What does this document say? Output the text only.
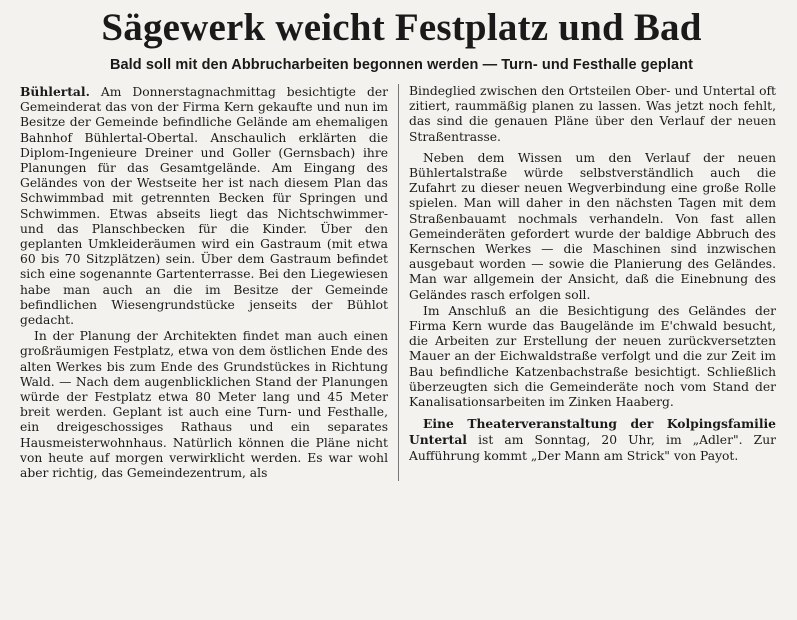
Sägewerk weicht Festplatz und Bad
Bald soll mit den Abbrucharbeiten begonnen werden — Turn- und Festhalle geplant

Bühlertal. Am Donnerstagnachmittag besichtigte der Gemeinderat das von der Firma Kern gekaufte und nun im Besitze der Gemeinde befindliche Gelände am ehemaligen Bahnhof Bühlertal-Obertal. Anschaulich erklärten die Diplom-Ingenieure Dreiner und Goller (Gernsbach) ihre Planungen für das Gesamtgelände. Am Eingang des Geländes von der Westseite her ist nach diesem Plan das Schwimmbad mit getrennten Becken für Springen und Schwimmen. Etwas abseits liegt das Nichtschwimmer- und das Planschbecken für die Kinder. Über den geplanten Umkleideräumen wird ein Gastraum (mit etwa 60 bis 70 Sitzplätzen) sein. Über dem Gastraum befindet sich eine sogenannte Gartenterrasse. Bei den Liegewiesen habe man auch an die im Besitze der Gemeinde befindlichen Wiesengrundstücke jenseits der Bühlot gedacht.

In der Planung der Architekten findet man auch einen großräumigen Festplatz, etwa von dem östlichen Ende des alten Werkes bis zum Ende des Grundstückes in Richtung Wald. — Nach dem augenblicklichen Stand der Planungen würde der Festplatz etwa 80 Meter lang und 45 Meter breit werden. Geplant ist auch eine Turn- und Festhalle, ein dreigeschossiges Rathaus und ein separates Hausmeisterwohnhaus. Natürlich können die Pläne nicht von heute auf morgen verwirklicht werden. Es war wohl aber richtig, das Gemeindezentrum, als

Bindeglied zwischen den Ortsteilen Ober- und Untertal oft zitiert, raummäßig planen zu lassen. Was jetzt noch fehlt, das sind die genauen Pläne über den Verlauf der neuen Straßentrasse.

Neben dem Wissen um den Verlauf der neuen Bühlertalstraße würde selbstverständlich auch die Zufahrt zu dieser neuen Wegverbindung eine große Rolle spielen. Man will daher in den nächsten Tagen mit dem Straßenbauamt nochmals verhandeln. Von fast allen Gemeinderäten gefordert wurde der baldige Abbruch des Kernschen Werkes — die Maschinen sind inzwischen ausgebaut worden — sowie die Planierung des Geländes. Man war allgemein der Ansicht, daß die Einebnung des Geländes rasch erfolgen soll.

Im Anschluß an die Besichtigung des Geländes der Firma Kern wurde das Baugelände im E'chwald besucht, die Arbeiten zur Erstellung der neuen zurückversetzten Mauer an der Eichwaldstraße verfolgt und die zur Zeit im Bau befindliche Katzenbachstraße besichtigt. Schließlich überzeugten sich die Gemeinderäte noch vom Stand der Kanalisationsarbeiten im Zinken Haaberg.

Eine Theaterveranstaltung der Kolpingsfamilie Untertal ist am Sonntag, 20 Uhr, im „Adler". Zur Aufführung kommt „Der Mann am Strick" von Payot.
